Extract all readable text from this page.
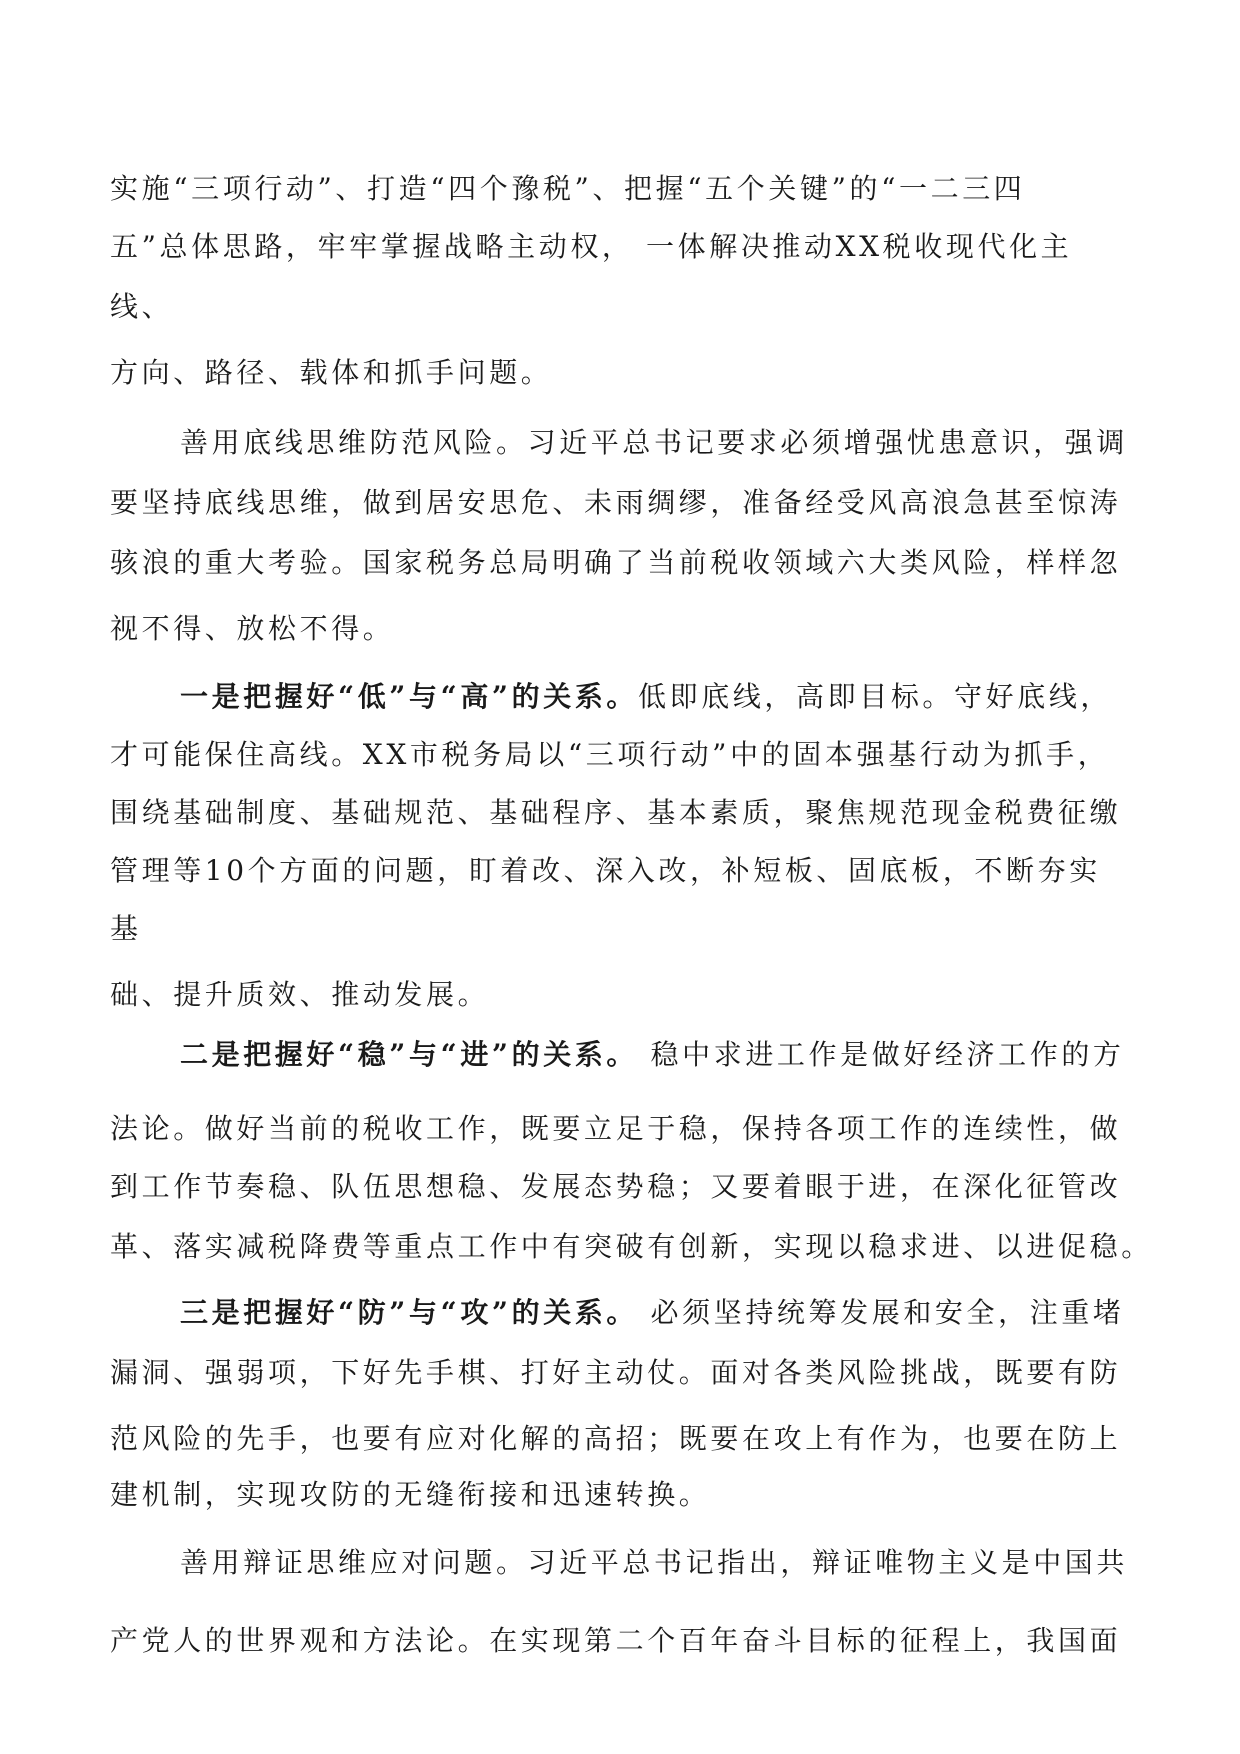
实施“三项行动”、打造“四个豫税”、把握“五个关键”的“一二三四
五”总体思路，牢牢掌握战略主动权， 一体解决推动XX税收现代化主
线、
方向、路径、载体和抓手问题。
善用底线思维防范风险。习近平总书记要求必须增强忧患意识，强调
要坚持底线思维，做到居安思危、未雨绸缪，准备经受风高浪急甚至惊涛
骇浪的重大考验。国家税务总局明确了当前税收领域六大类风险，样样忽
视不得、放松不得。
一是把握好“低”与“高”的关系。低即底线，高即目标。守好底线，
才可能保住高线。XX市税务局以“三项行动”中的固本强基行动为抓手，
围绕基础制度、基础规范、基础程序、基本素质，聚焦规范现金税费征缴
管理等10个方面的问题，盯着改、深入改，补短板、固底板，不断夯实
基
础、提升质效、推动发展。
二是把握好“稳”与“进”的关系。 稳中求进工作是做好经济工作的方
法论。做好当前的税收工作，既要立足于稳，保持各项工作的连续性，做
到工作节奏稳、队伍思想稳、发展态势稳；又要着眼于进，在深化征管改
革、落实减税降费等重点工作中有突破有创新，实现以稳求进、以进促稳。
三是把握好“防”与“攻”的关系。 必须坚持统筹发展和安全，注重堵
漏洞、强弱项，下好先手棋、打好主动仗。面对各类风险挑战，既要有防
范风险的先手，也要有应对化解的高招；既要在攻上有作为，也要在防上
建机制，实现攻防的无缝衔接和迅速转换。
善用辩证思维应对问题。习近平总书记指出，辩证唯物主义是中国共
产党人的世界观和方法论。在实现第二个百年奋斗目标的征程上，我国面
